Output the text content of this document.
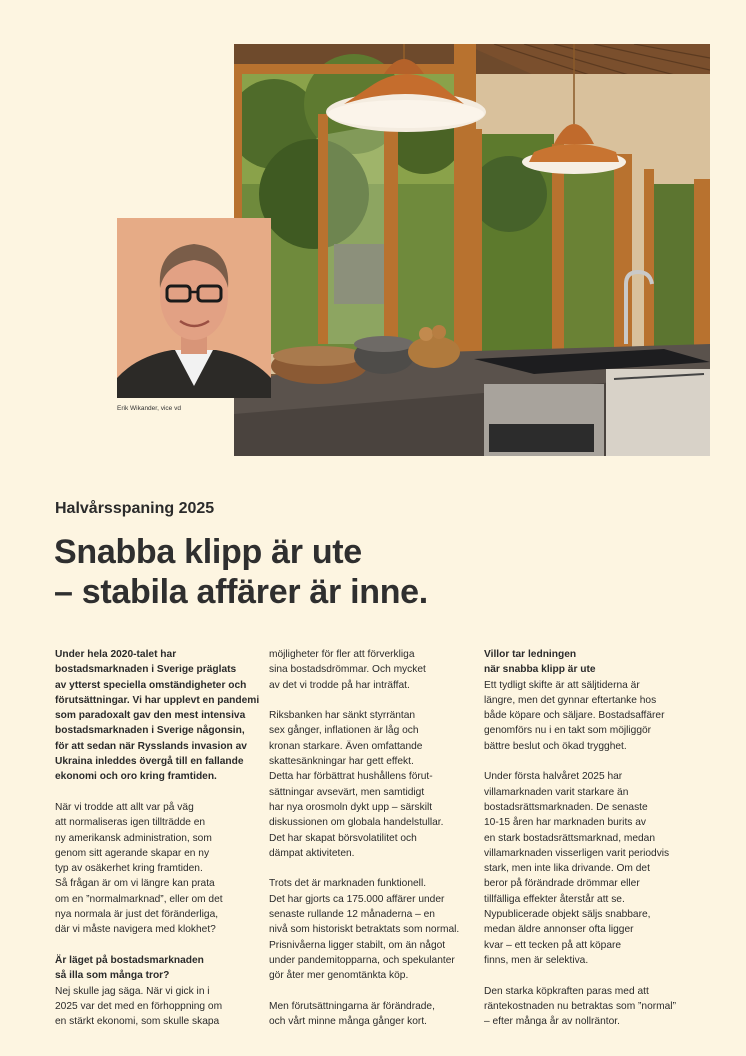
Erik Wikander, vice vd
Halvårsspaning 2025
Snabba klipp är ute
– stabila affärer är inne.

Under hela 2020-talet har
bostadsmarknaden i Sverige präglats
av ytterst speciella omständigheter och
förutsättningar. Vi har upplevt en pandemi
som paradoxalt gav den mest intensiva
bostadsmarknaden i Sverige någonsin,
för att sedan när Rysslands invasion av
Ukraina inleddes övergå till en fallande
ekonomi och oro kring framtiden.

När vi trodde att allt var på väg
att normaliseras igen tillträdde en
ny amerikansk administration, som
genom sitt agerande skapar en ny
typ av osäkerhet kring framtiden.
Så frågan är om vi längre kan prata
om en ”normalmarknad”, eller om det
nya normala är just det föränderliga,
där vi måste navigera med klokhet?

Är läget på bostadsmarknaden
så illa som många tror?
Nej skulle jag säga. När vi gick in i
2025 var det med en förhoppning om
en stärkt ekonomi, som skulle skapa

möjligheter för fler att förverkliga
sina bostadsdrömmar. Och mycket
av det vi trodde på har inträffat.

Riksbanken har sänkt styrräntan
sex gånger, inflationen är låg och
kronan starkare. Även omfattande
skattesänkningar har gett effekt.
Detta har förbättrat hushållens förut-
sättningar avsevärt, men samtidigt
har nya orosmoln dykt upp – särskilt
diskussionen om globala handelstullar.
Det har skapat börsvolatilitet och
dämpat aktiviteten.

Trots det är marknaden funktionell.
Det har gjorts ca 175.000 affärer under
senaste rullande 12 månaderna – en
nivå som historiskt betraktats som normal.
Prisnivåerna ligger stabilt, om än något
under pandemitopparna, och spekulanter
gör åter mer genomtänkta köp.

Men förutsättningarna är förändrade,
och vårt minne många gånger kort.

Villor tar ledningen
när snabba klipp är ute
Ett tydligt skifte är att säljtiderna är
längre, men det gynnar eftertanke hos
både köpare och säljare. Bostadsaffärer
genomförs nu i en takt som möjliggör
bättre beslut och ökad trygghet.

Under första halvåret 2025 har
villamarknaden varit starkare än
bostadsrättsmarknaden. De senaste
10-15 åren har marknaden burits av
en stark bostadsrättsmarknad, medan
villamarknaden visserligen varit periodvis
stark, men inte lika drivande. Om det
beror på förändrade drömmar eller
tillfälliga effekter återstår att se.
Nypublicerade objekt säljs snabbare,
medan äldre annonser ofta ligger
kvar – ett tecken på att köpare
finns, men är selektiva.

Den starka köpkraften paras med att
räntekostnaden nu betraktas som ”normal”
– efter många år av nollräntor.
